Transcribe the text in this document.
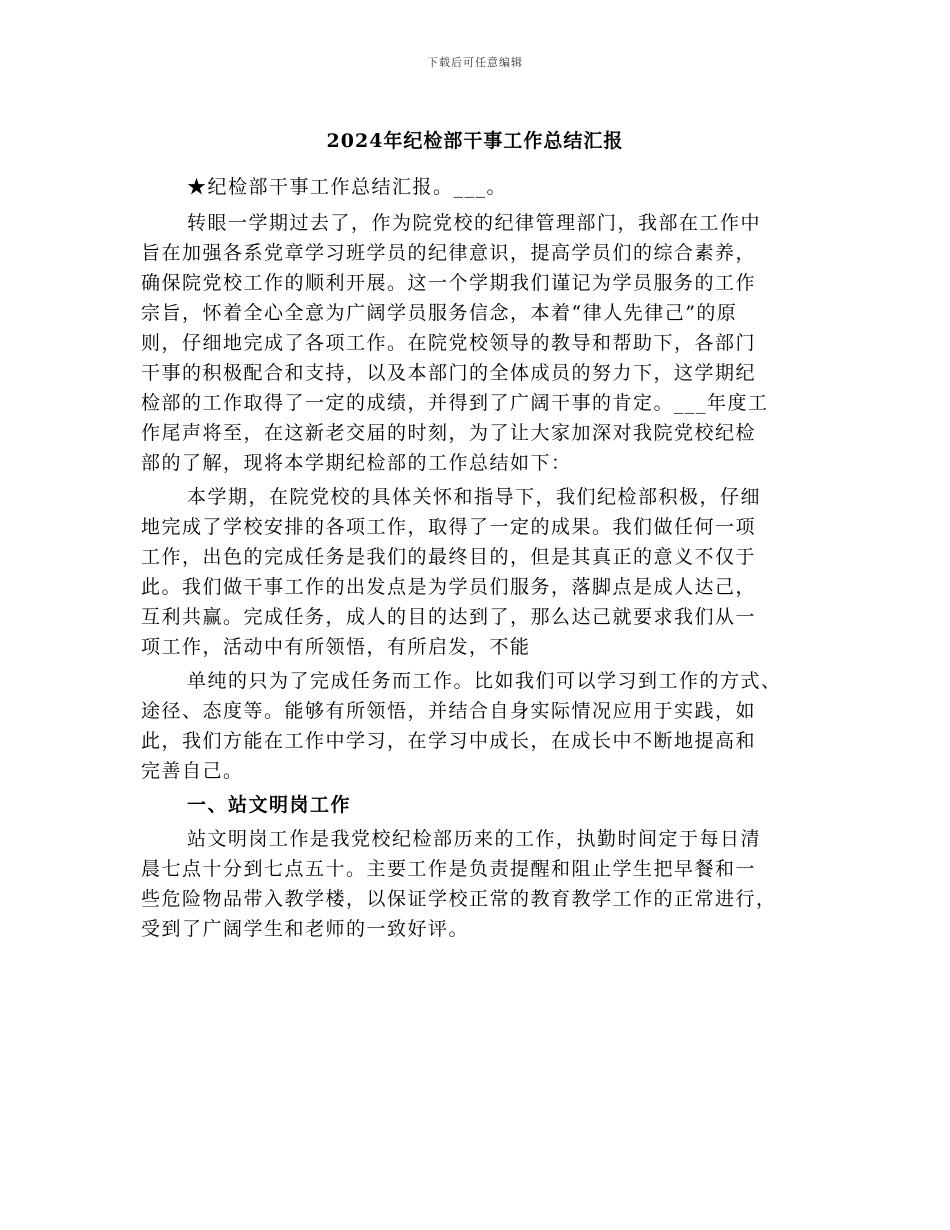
下载后可任意编辑
2024年纪检部干事工作总结汇报
★纪检部干事工作总结汇报。___。
转眼一学期过去了，作为院党校的纪律管理部门，我部在工作中
旨在加强各系党章学习班学员的纪律意识，提高学员们的综合素养，
确保院党校工作的顺利开展。这一个学期我们谨记为学员服务的工作
宗旨，怀着全心全意为广阔学员服务信念，本着“律人先律己”的原
则，仔细地完成了各项工作。在院党校领导的教导和帮助下，各部门
干事的积极配合和支持，以及本部门的全体成员的努力下，这学期纪
检部的工作取得了一定的成绩，并得到了广阔干事的肯定。___年度工
作尾声将至，在这新老交届的时刻，为了让大家加深对我院党校纪检
部的了解，现将本学期纪检部的工作总结如下：
本学期，在院党校的具体关怀和指导下，我们纪检部积极，仔细
地完成了学校安排的各项工作，取得了一定的成果。我们做任何一项
工作，出色的完成任务是我们的最终目的，但是其真正的意义不仅于
此。我们做干事工作的出发点是为学员们服务，落脚点是成人达己，
互利共赢。完成任务，成人的目的达到了，那么达己就要求我们从一
项工作，活动中有所领悟，有所启发，不能
单纯的只为了完成任务而工作。比如我们可以学习到工作的方式、
途径、态度等。能够有所领悟，并结合自身实际情况应用于实践，如
此，我们方能在工作中学习，在学习中成长，在成长中不断地提高和
完善自己。
一、站文明岗工作
站文明岗工作是我党校纪检部历来的工作，执勤时间定于每日清
晨七点十分到七点五十。主要工作是负责提醒和阻止学生把早餐和一
些危险物品带入教学楼，以保证学校正常的教育教学工作的正常进行，
受到了广阔学生和老师的一致好评。
